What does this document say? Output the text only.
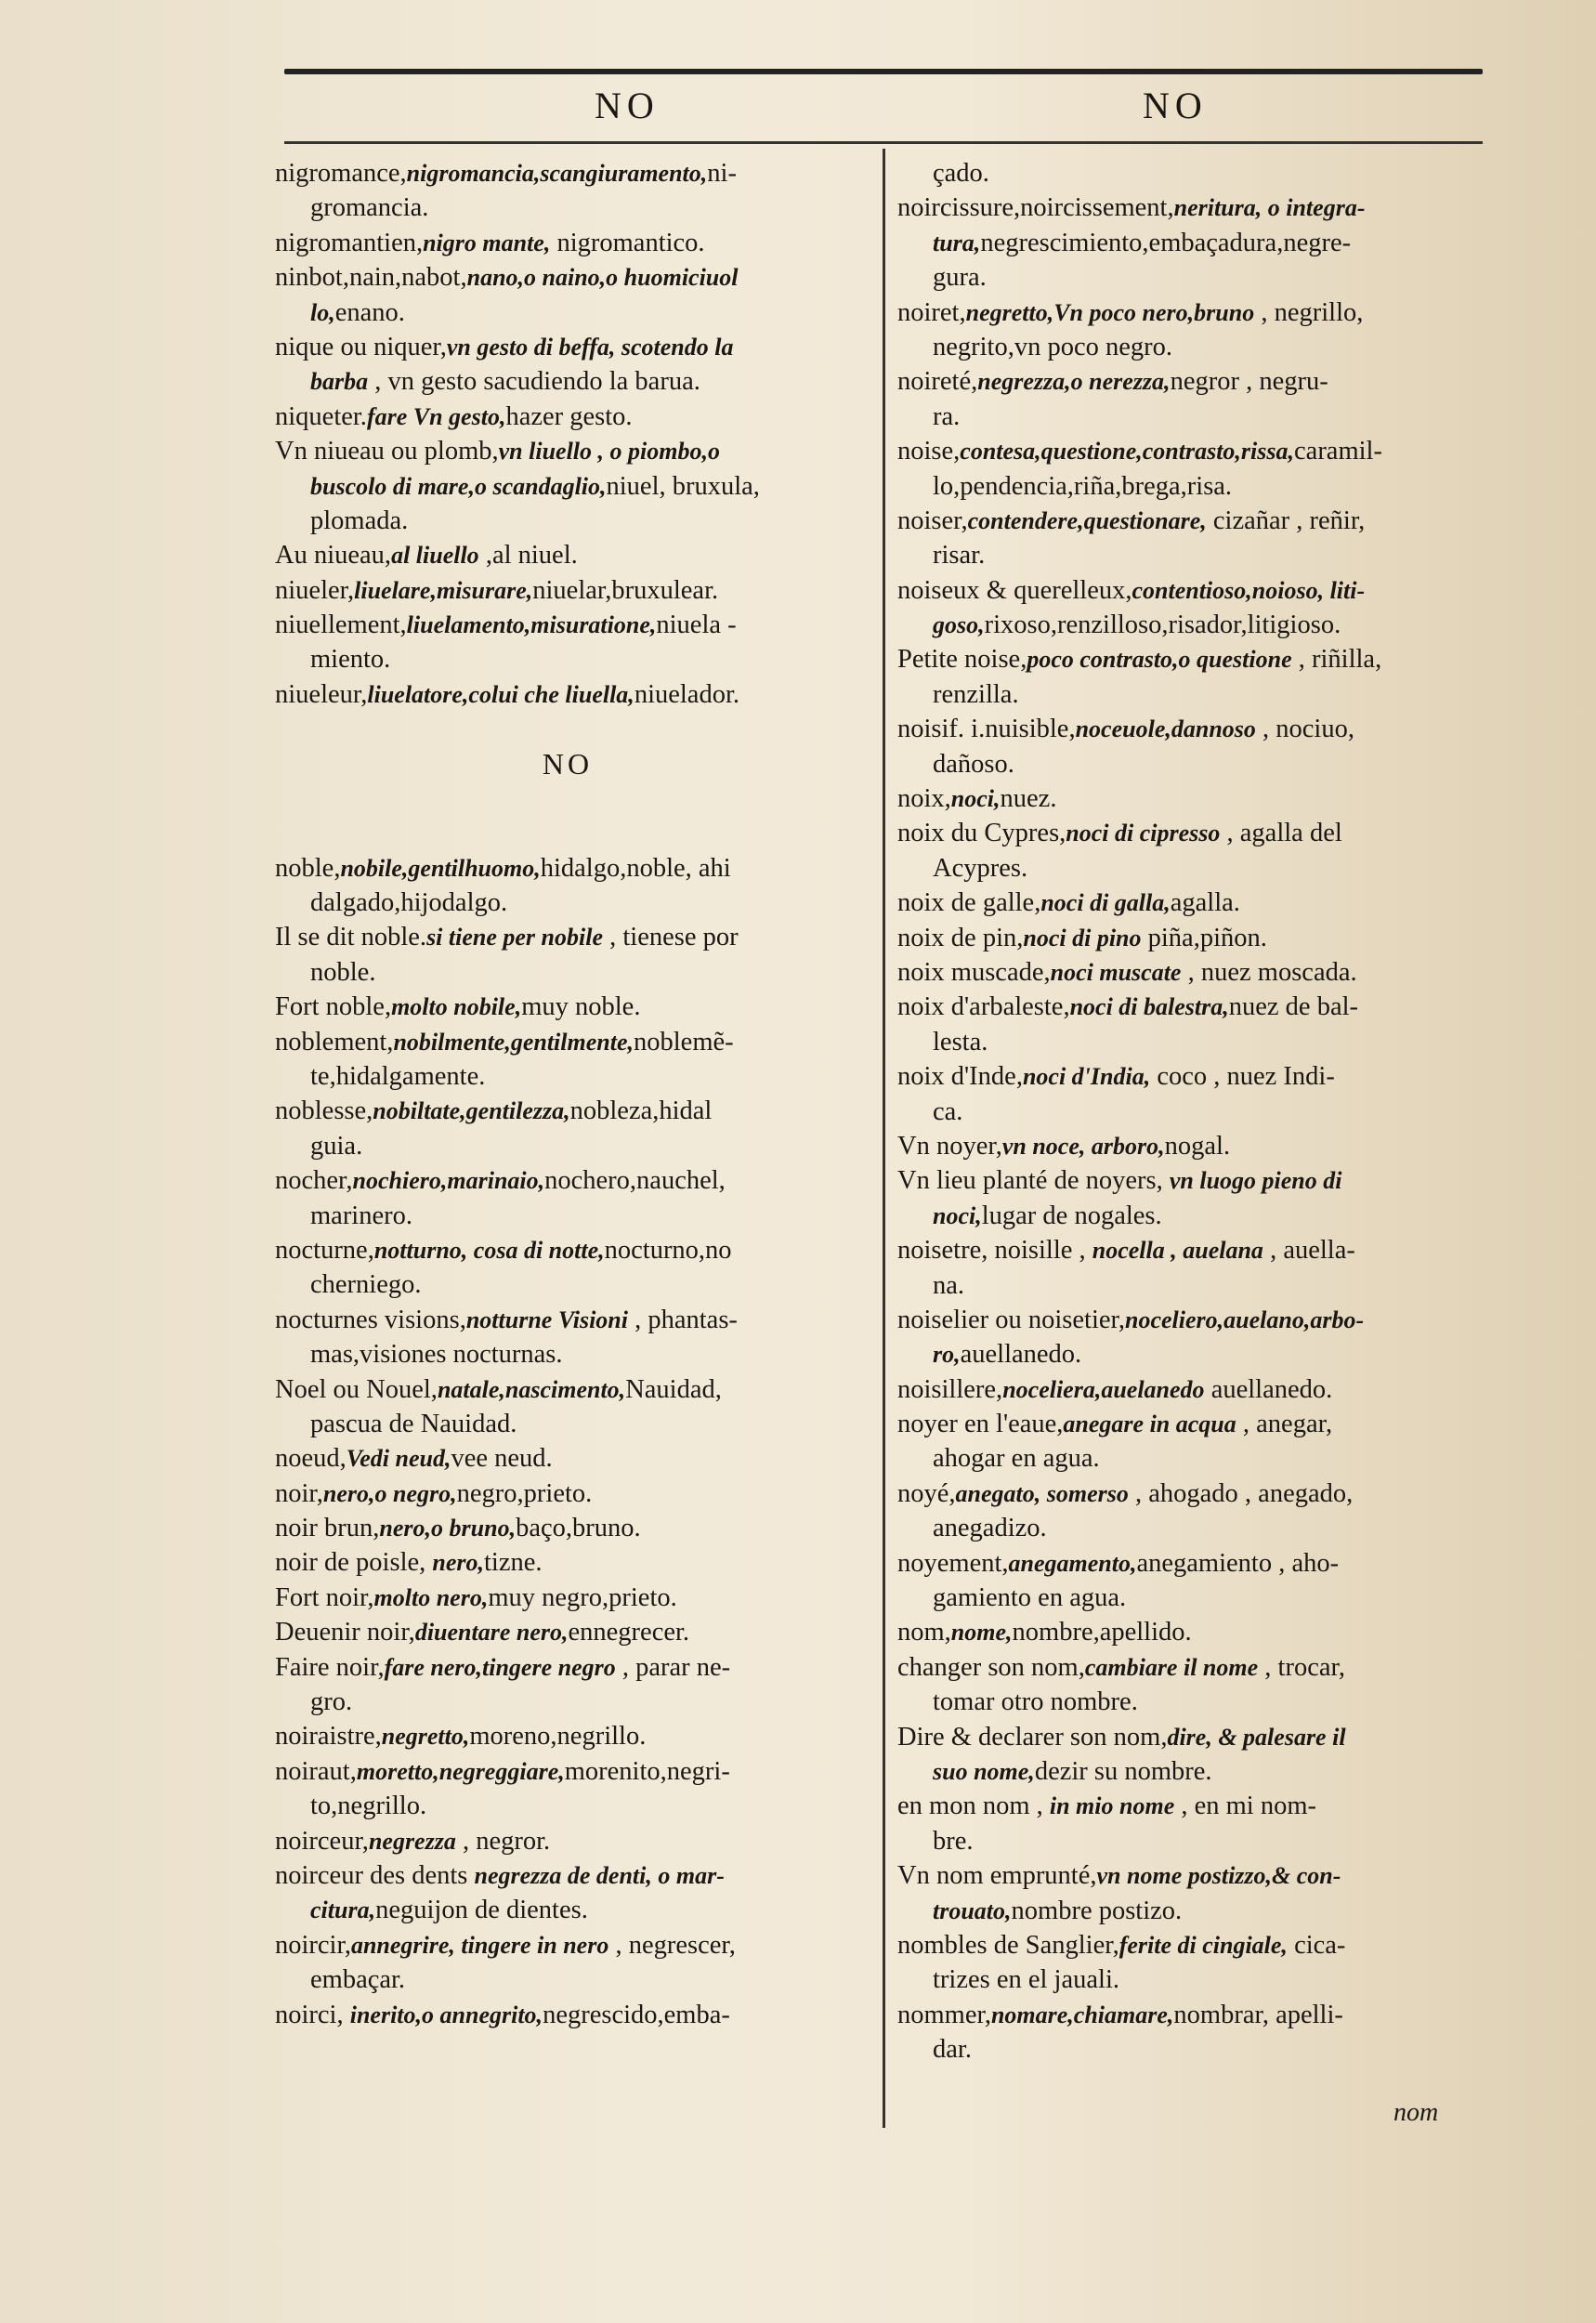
NO	NO
nigromance,nigromancia,scangiuramento,ni-
gromancia.
nigromantien,nigro mante, nigromantico.
ninbot,nain,nabot,nano,o naino,o huomiciuol
lo,enano.
nique ou niquer,vn gesto di beffa, scotendo la
barba , vn gesto sacudiendo la barua.
niqueter.fare Vn gesto,hazer gesto.
Vn niueau ou plomb,vn liuello , o piombo,o
buscolo di mare,o scandaglio,niuel, bruxula,
plomada.
Au niueau,al liuello ,al niuel.
niueler,liuelare,misurare,niuelar,bruxulear.
niuellement,liuelamento,misuratione,niuela -
miento.
niueleur,liuelatore,colui che liuella,niuelador.
NO
noble,nobile,gentilhuomo,hidalgo,noble, ahi
dalgado,hijodalgo.
Il se dit noble.si tiene per nobile , tienese por
noble.
Fort noble,molto nobile,muy noble.
noblement,nobilmente,gentilmente,noblemẽ-
te,hidalgamente.
noblesse,nobiltate,gentilezza,nobleza,hidal
guia.
nocher,nochiero,marinaio,nochero,nauchel,
marinero.
nocturne,notturno, cosa di notte,nocturno,no
cherniego.
nocturnes visions,notturne Visioni , phantas-
mas,visiones nocturnas.
Noel ou Nouel,natale,nascimento,Nauidad,
pascua de Nauidad.
noeud,Vedi neud,vee neud.
noir,nero,o negro,negro,prieto.
noir brun,nero,o bruno,baço,bruno.
noir de poisle, nero,tizne.
Fort noir,molto nero,muy negro,prieto.
Deuenir noir,diuentare nero,ennegrecer.
Faire noir,fare nero,tingere negro , parar ne-
gro.
noiraistre,negretto,moreno,negrillo.
noiraut,moretto,negreggiare,morenito,negri-
to,negrillo.
noirceur,negrezza , negror.
noirceur des dents negrezza de denti, o mar-
citura,neguijon de dientes.
noircir,annegrire, tingere in nero , negrescer,
embaçar.
noirci, inerito,o annegrito,negrescido,emba-
çado.
noircissure,noircissement,neritura, o integra-
tura,negrescimiento,embaçadura,negre-
gura.
noiret,negretto,Vn poco nero,bruno , negrillo,
negrito,vn poco negro.
noireté,negrezza,o nerezza,negror , negru-
ra.
noise,contesa,questione,contrasto,rissa,caramil-
lo,pendencia,riña,brega,risa.
noiser,contendere,questionare, cizañar , reñir,
risar.
noiseux & querelleux,contentioso,noioso, liti-
goso,rixoso,renzilloso,risador,litigioso.
Petite noise,poco contrasto,o questione , riñilla,
renzilla.
noisif. i.nuisible,noceuole,dannoso , nociuo,
dañoso.
noix,noci,nuez.
noix du Cypres,noci di cipresso , agalla del
Acypres.
noix de galle,noci di galla,agalla.
noix de pin,noci di pino piña,piñon.
noix muscade,noci muscate , nuez moscada.
noix d'arbaleste,noci di balestra,nuez de bal-
lesta.
noix d'Inde,noci d'India, coco , nuez Indi-
ca.
Vn noyer,vn noce, arboro,nogal.
Vn lieu planté de noyers, vn luogo pieno di
noci,lugar de nogales.
noisetre, noisille , nocella , auelana , auella-
na.
noiselier ou noisetier,noceliero,auelano,arbo-
ro,auellanedo.
noisillere,noceliera,auelanedo auellanedo.
noyer en l'eaue,anegare in acqua , anegar,
ahogar en agua.
noyé,anegato, somerso , ahogado , anegado,
anegadizo.
noyement,anegamento,anegamiento , aho-
gamiento en agua.
nom,nome,nombre,apellido.
changer son nom,cambiare il nome , trocar,
tomar otro nombre.
Dire & declarer son nom,dire, & palesare il
suo nome,dezir su nombre.
en mon nom , in mio nome , en mi nom-
bre.
Vn nom emprunté,vn nome postizzo,& con-
trouato,nombre postizo.
nombles de Sanglier,ferite di cingiale, cica-
trizes en el jauali.
nommer,nomare,chiamare,nombrar, apelli-
dar.
nom
